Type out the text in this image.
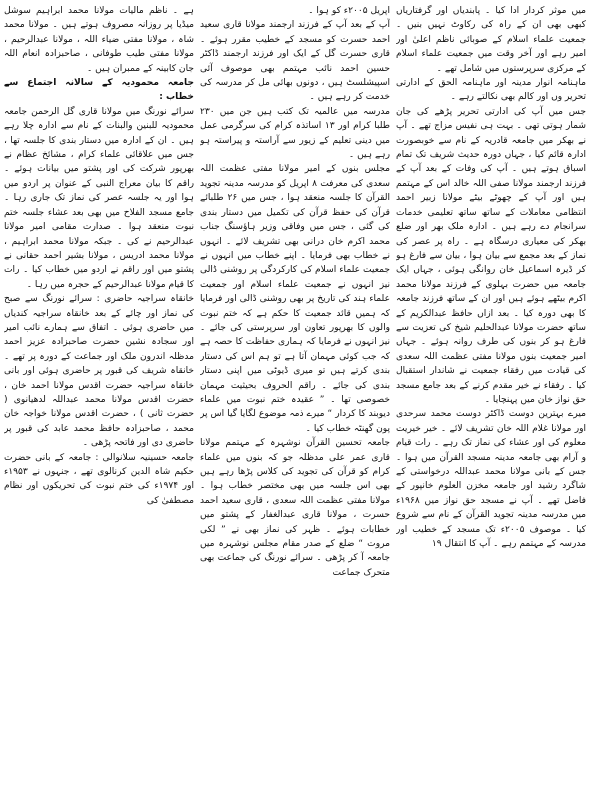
میں موثر کردار ادا کیا ۔ پابندیاں اور گرفتاریاں کبھی بھی ان کے راہ کی رکاوٹ نہیں بنیں ۔ جمعیت علماء اسلام کے صوبائی ناظم اعلیٰ اور امیر رہے اور آخر وقت میں جمعیت علماء اسلام کے مرکزی سرپرستوں میں شامل تھے ۔

ماہنامہ انوار مدینہ اور ماہنامہ الحق کے ادارتی تحریر وں اور کالم بھی نکالتے رہے ۔

جس میں آپ کی ادارتی تحریر پڑھے کی جان شمار ہوتی تھی ۔ بہت ہی نفیس مزاج تھے ۔ آپ نے بھکر میں جامعہ قادریہ کے نام سے خوبصورت ادارہ قائم کیا ، جہاں دورہ حدیث شریف تک تمام اسباق ہوتے ہیں ۔ آپ کی وفات کے بعد آپ کے فرزند ارجمند مولانا صفی اللہ خالد اس کے مہتمم ہیں اور آپ کے چھوٹے بیٹے مولانا زبیر احمد انتظامی معاملات کے ساتھ ساتھ تعلیمی خدمات سرانجام دے رہے ہیں ۔ ادارہ ملک بھر اور ضلع بھکر کی معیاری درسگاہ ہے ۔ راہ پر عصر کی نماز کے بعد مجمع سے بیان ہوا ، بیان سے فارغ ہو کر ڈیرہ اسماعیل خان روانگی ہوئی ، جہاں ایک جامعہ میں حضرت بہلوی کے فرزند مولانا محمد اکرم بیٹھے ہوئے ہیں اور ان کے ساتھ فرزند جامعہ کا بھی دورہ کیا ۔ بعد ازاں حافظ عبدالکریم کے ساتھ حضرت مولانا عبدالحلیم شیخ کی تعزیت سے فارغ ہو کر بنوں کی طرف روانہ ہوئے ۔ جہاں امیر جمعیت بنوں مولانا مفتی عظمت اللہ سعدی کی قیادت میں رفقاء جمعیت نے شاندار استقبال کیا ۔ رفقاء نے خیر مقدم کرنے کے بعد جامع مسجد حق نواز خان میں پہنچایا ۔

میرے بہترین دوست ڈاکٹر دوست محمد سرحدی اور مولانا غلام اللہ خان تشریف لائے ۔ خیر خیریت معلوم کی اور عشاء کی نماز تک رہے ۔ رات قیام و آرام بھی جامعہ مدینہ مسجد القرآن میں ہوا ۔ جس کے بانی مولانا محمد عبداللہ درخواستی کے شاگرد رشید اور جامعہ مخزن العلوم خانپور کے فاضل تھے ۔ آپ نے مسجد حق نواز میں ۱۹۶۸ء میں مدرسہ مدینہ تجوید القرآن کے نام سے شروع کیا ۔ موصوف ۲۰۰۵ء تک مسجد کے خطیب اور مدرسہ کے مہتمم رہے ۔ آپ کا انتقال ۱۹

اپریل ۲۰۰۵ء کو ہوا ۔

آپ کے بعد آپ کے فرزند ارجمند مولانا قاری سعید احمد حسرت کو مسجد کے خطیب مقرر ہوئے ۔ قاری حسرت گل کے ایک اور فرزند ارجمند ڈاکٹر حسین احمد نائب مہتمم بھی موصوف آئی اسپیشلسٹ ہیں ، دونوں بھائی مل کر مدرسہ کی خدمت کر رہے ہیں ۔

مدرسہ میں عالمیہ تک کتب ہیں جن میں ۲۳۰ طلبا کرام اور ۱۳ اساتذہ کرام کی سرگرمی عمل میں دینی تعلیم کے زیور سے آراستہ و پیراستہ ہو رہے ہیں ۔

مجلس بنوں کے امیر مولانا مفتی عظمت اللہ سعدی کی معرفت ۸ اپریل کو مدرسہ مدینہ تجوید القرآن کا جلسہ منعقد ہوا ، جس میں ۲۶ طلبائے قرآن کی حفظ قرآن کی تکمیل میں دستار بندی کی گئی ، جس میں وفاقی وزیر ہاؤسنگ جناب محمد اکرم خان درانی بھی تشریف لائے ۔ انہوں نے خطاب بھی فرمایا ۔ اپنے خطاب میں انہوں نے جمعیت علماء اسلام کی کارکردگی پر روشنی ڈالی نیز انہوں نے جمعیت علماء اسلام اور جمعیت علماء ہند کی تاریخ پر بھی روشنی ڈالی اور فرمایا کہ ہمیں قائد جمعیت کا حکم ہے کہ ختم نبوت والوں کا بھرپور تعاون اور سرپرستی کی جائے ۔ نیز انہوں نے فرمایا کہ ہماری حفاظت کا حصہ ہے کہ جب کوئی مہمان آتا ہے تو ہم اس کی دستار بندی کرتے ہیں تو میری ڈیوٹی میں اپنی دستار بندی کی جائے ۔ راقم الحروف بحیثیت مہمان خصوصی تھا ۔ ” عقیدہ ختم نبوت میں علماء دیوبند کا کردار “ میرے ذمہ موضوع لگایا گیا اس پر پون گھنٹہ خطاب کیا ۔

جامعہ تحسین القرآن نوشہرہ کے مہتمم مولانا قاری عمر علی مدظلہ جو کہ بنوں میں علماء کرام کو قرآن کی تجوید کی کلاس پڑھا رہے ہیں بھی اس جلسہ میں بھی مختصر خطاب ہوا ۔ مولانا مفتی عظمت اللہ سعدی ، قاری سعید احمد حسرت ، مولانا قاری عبدالغفار کے پشتو میں خطابات ہوئے ۔ ظہر کی نماز بھی نے ” لکی مروت “ ضلع کے صدر مقام مجلس نوشہرہ میں جامعہ آ کر پڑھی ۔ سرائے نورنگ کی جماعت بھی متحرک جماعت

ہے ۔ ناظم مالیات مولانا محمد ابراہیم سوشل میڈیا پر روزانہ مصروف ہوتے ہیں ۔ مولانا محمد شاہ ، مولانا مفتی ضیاء اللہ ، مولانا عبدالرحیم ، مولانا مفتی طیب طوفانی ، صاحبزادہ انعام اللہ جان کابینہ کے ممبران ہیں ۔

جامعہ محمودیہ کے سالانہ اجتماع سے خطاب :

سرائے نورنگ میں مولانا قاری گل الرحمن جامعہ محمودیہ للبنین والبنات کے نام سے ادارہ چلا رہے ہیں ۔ ان کے ادارہ میں دستار بندی کا جلسہ تھا ، جس میں علاقائی علماء کرام ، مشائخ عظام نے بھرپور شرکت کی اور پشتو میں بیانات ہوئے ۔ راقم کا بیان معراج النبی کے عنوان پر اردو میں ہوا اور یہ جلسہ عصر کی نماز تک جاری رہا ۔ جامع مسجد الفلاح میں بھی بعد عشاء جلسہ ختم نبوت منعقد ہوا ۔ صدارت مقامی امیر مولانا عبدالرحیم نے کی ۔ جبکہ مولانا محمد ابراہیم ، مولانا محمد ادریس ، مولانا بشیر احمد حقانی نے پشتو میں اور راقم نے اردو میں خطاب کیا ۔ رات کا قیام مولانا عبدالرحیم کے حجرہ میں رہا ۔

خانقاہ سراجیہ حاضری : سرائے نورنگ سے صبح کی نماز اور چائے کے بعد خانقاہ سراجیہ کندیاں میں حاضری ہوئی ۔ اتفاق سے ہمارے نائب امیر اور سجادہ نشین حضرت صاحبزادہ عزیز احمد مدظلہ اندرون ملک اور جماعت کے دورہ پر تھے ۔ خانقاہ شریف کی قبور پر حاضری ہوئی اور بانی خانقاہ سراجیہ حضرت اقدس مولانا احمد خان ، حضرت اقدس مولانا محمد عبداللہ لدھیانوی ( حضرت ثانی ) ، حضرت اقدس مولانا خواجہ خان محمد ، صاحبزادہ حافظ محمد عابد کی قبور پر حاضری دی اور فاتحہ پڑھی ۔

جامعہ حسینیہ سلانوالی : جامعہ کے بانی حضرت حکیم شاہ الدین کرنالوی تھے ، جنہوں نے ۱۹۵۳ء اور ۱۹۷۴ء کی ختم نبوت کی تحریکوں اور نظام مصطفیٰ کی
